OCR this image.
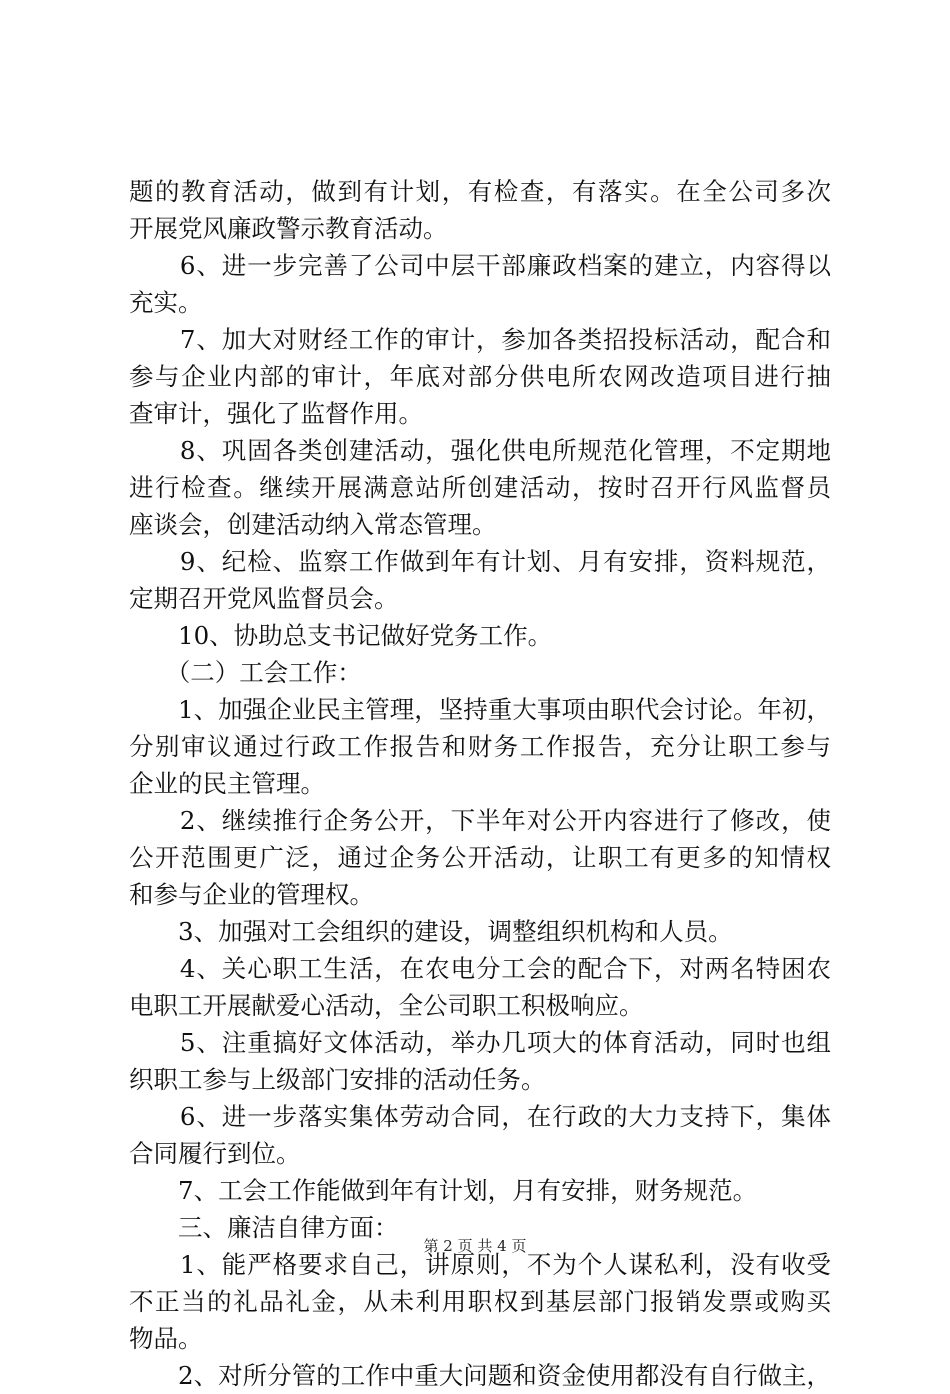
题的教育活动，做到有计划，有检查，有落实。在全公司多次
开展党风廉政警示教育活动。
　　6、进一步完善了公司中层干部廉政档案的建立，内容得以
充实。
　　7、加大对财经工作的审计，参加各类招投标活动，配合和
参与企业内部的审计，年底对部分供电所农网改造项目进行抽
查审计，强化了监督作用。
　　8、巩固各类创建活动，强化供电所规范化管理，不定期地
进行检查。继续开展满意站所创建活动，按时召开行风监督员
座谈会，创建活动纳入常态管理。
　　9、纪检、监察工作做到年有计划、月有安排，资料规范，
定期召开党风监督员会。
　　10、协助总支书记做好党务工作。
　　（二）工会工作：
　　1、加强企业民主管理，坚持重大事项由职代会讨论。年初，
分别审议通过行政工作报告和财务工作报告，充分让职工参与
企业的民主管理。
　　2、继续推行企务公开，下半年对公开内容进行了修改，使
公开范围更广泛，通过企务公开活动，让职工有更多的知情权
和参与企业的管理权。
　　3、加强对工会组织的建设，调整组织机构和人员。
　　4、关心职工生活，在农电分工会的配合下，对两名特困农
电职工开展献爱心活动，全公司职工积极响应。
　　5、注重搞好文体活动，举办几项大的体育活动，同时也组
织职工参与上级部门安排的活动任务。
　　6、进一步落实集体劳动合同，在行政的大力支持下，集体
合同履行到位。
　　7、工会工作能做到年有计划，月有安排，财务规范。
　　三、廉洁自律方面：
　　1、能严格要求自己，讲原则，不为个人谋私利，没有收受
不正当的礼品礼金，从未利用职权到基层部门报销发票或购买
物品。
　　2、对所分管的工作中重大问题和资金使用都没有自行做主，
第 2 页 共 4 页
